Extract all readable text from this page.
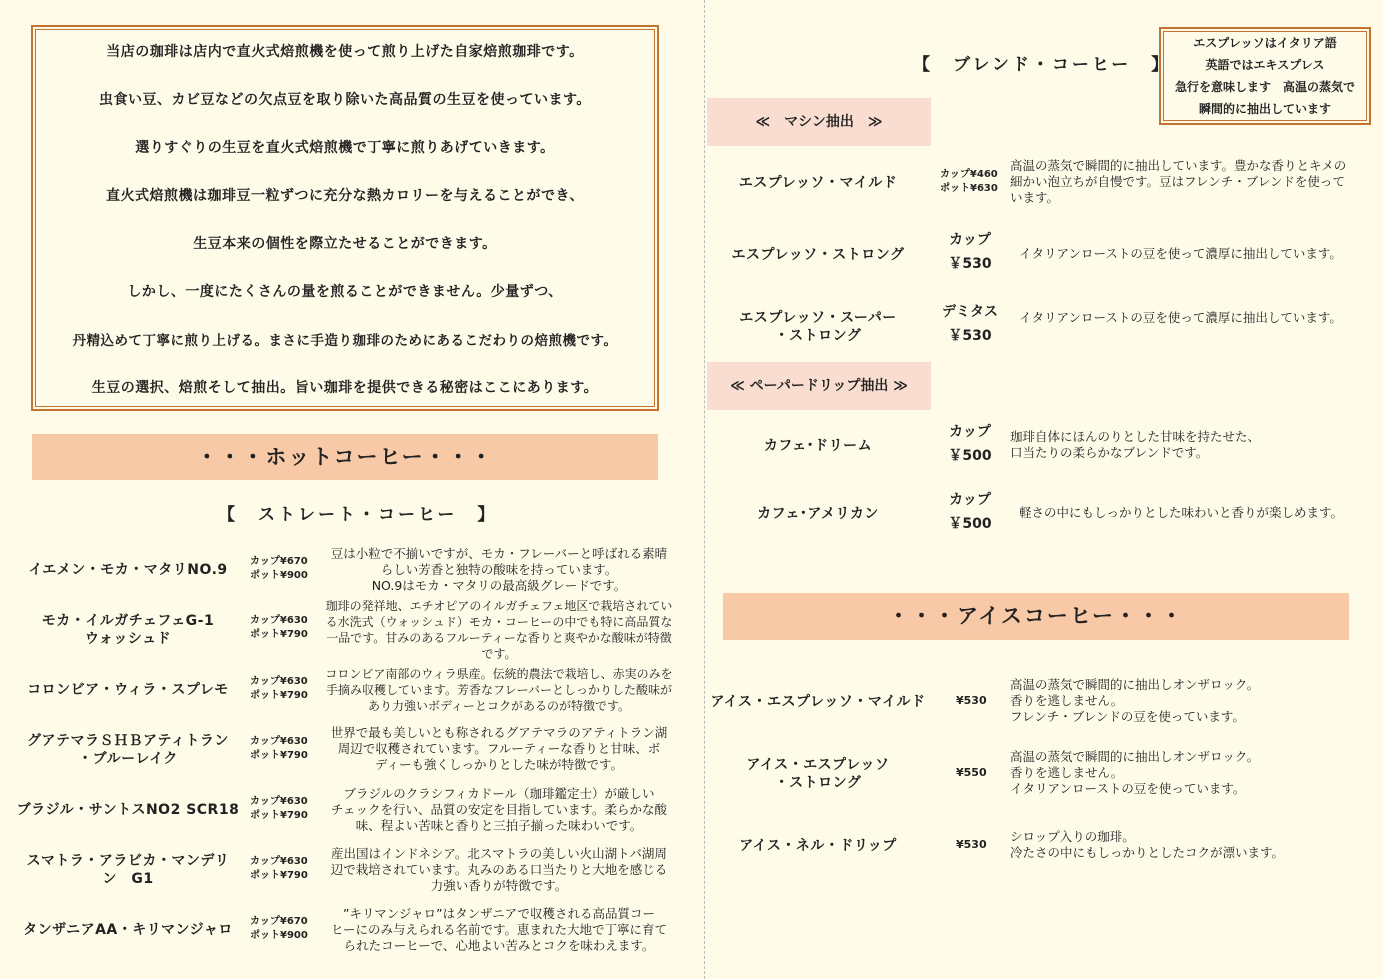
当店の珈琲は店内で直火式焙煎機を使って煎り上げた自家焙煎珈琲です。
虫食い豆、カビ豆などの欠点豆を取り除いた高品質の生豆を使っています。
選りすぐりの生豆を直火式焙煎機で丁寧に煎りあげていきます。
直火式焙煎機は珈琲豆一粒ずつに充分な熱カロリーを与えることができ、
生豆本来の個性を際立たせることができます。
しかし、一度にたくさんの量を煎ることができません。少量ずつ、
丹精込めて丁寧に煎り上げる。まさに手造り珈琲のためにあるこだわりの焙煎機です。
生豆の選択、焙煎そして抽出。旨い珈琲を提供できる秘密はここにあります。
・・・ホットコーヒー・・・
【　ストレート・コーヒー　】
イエメン・モカ・マタリNO.9
カップ¥670
ポット¥900
豆は小粒で不揃いですが、モカ・フレーバーと呼ばれる素晴
らしい芳香と独特の酸味を持っています。
NO.9はモカ・マタリの最高級グレードです。
モカ・イルガチェフェG-1
ウォッシュド
カップ¥630
ポット¥790
珈琲の発祥地、エチオピアのイルガチェフェ地区で栽培されてい
る水洗式（ウォッシュド）モカ・コーヒーの中でも特に高品質な
一品です。甘みのあるフルーティーな香りと爽やかな酸味が特徴
です。
コロンビア・ウィラ・スプレモ
カップ¥630
ポット¥790
コロンビア南部のウィラ県産。伝統的農法で栽培し、赤実のみを
手摘み収穫しています。芳香なフレーバーとしっかりした酸味が
あり力強いボディーとコクがあるのが特徴です。
グアテマラＳＨＢアティトラン
・ブルーレイク
カップ¥630
ポット¥790
世界で最も美しいとも称されるグアテマラのアティトラン湖
周辺で収穫されています。フルーティーな香りと甘味、ボ
ディーも強くしっかりとした味が特徴です。
ブラジル・サントスNO2 SCR18
カップ¥630
ポット¥790
ブラジルのクラシフィカドール（珈琲鑑定士）が厳しい
チェックを行い、品質の安定を目指しています。柔らかな酸
味、程よい苦味と香りと三拍子揃った味わいです。
スマトラ・アラビカ・マンデリ
ン　G1
カップ¥630
ポット¥790
産出国はインドネシア。北スマトラの美しい火山湖トバ湖周
辺で栽培されています。丸みのある口当たりと大地を感じる
力強い香りが特徴です。
タンザニアAA・キリマンジャロ
カップ¥670
ポット¥900
”キリマンジャロ”はタンザニアで収穫される高品質コー
ヒーにのみ与えられる名前です。恵まれた大地で丁寧に育て
られたコーヒーで、心地よい苦みとコクを味わえます。
【　ブレンド・コーヒー　】
エスプレッソはイタリア語
英語ではエキスプレス
急行を意味します　高温の蒸気で
瞬間的に抽出しています
≪　マシン抽出　≫
エスプレッソ・マイルド
カップ¥460
ポット¥630
高温の蒸気で瞬間的に抽出しています。豊かな香りとキメの
細かい泡立ちが自慢です。豆はフレンチ・ブレンドを使って
います。
エスプレッソ・ストロング
カップ
￥530
イタリアンローストの豆を使って濃厚に抽出しています。
エスプレッソ・スーパー
・ストロング
デミタス
￥530
イタリアンローストの豆を使って濃厚に抽出しています。
≪ ペーパードリップ抽出 ≫
カフェ･ドリーム
カップ
￥500
珈琲自体にほんのりとした甘味を持たせた、
口当たりの柔らかなブレンドです。
カフェ･アメリカン
カップ
￥500
軽さの中にもしっかりとした味わいと香りが楽しめます。
・・・アイスコーヒー・・・
アイス・エスプレッソ・マイルド	¥530
高温の蒸気で瞬間的に抽出しオンザロック。
香りを逃しません。
フレンチ・ブレンドの豆を使っています。
アイス・エスプレッソ
・ストロング
¥550
高温の蒸気で瞬間的に抽出しオンザロック。
香りを逃しません。
イタリアンローストの豆を使っています。
アイス・ネル・ドリップ	¥530
シロップ入りの珈琲。
冷たさの中にもしっかりとしたコクが漂います。
